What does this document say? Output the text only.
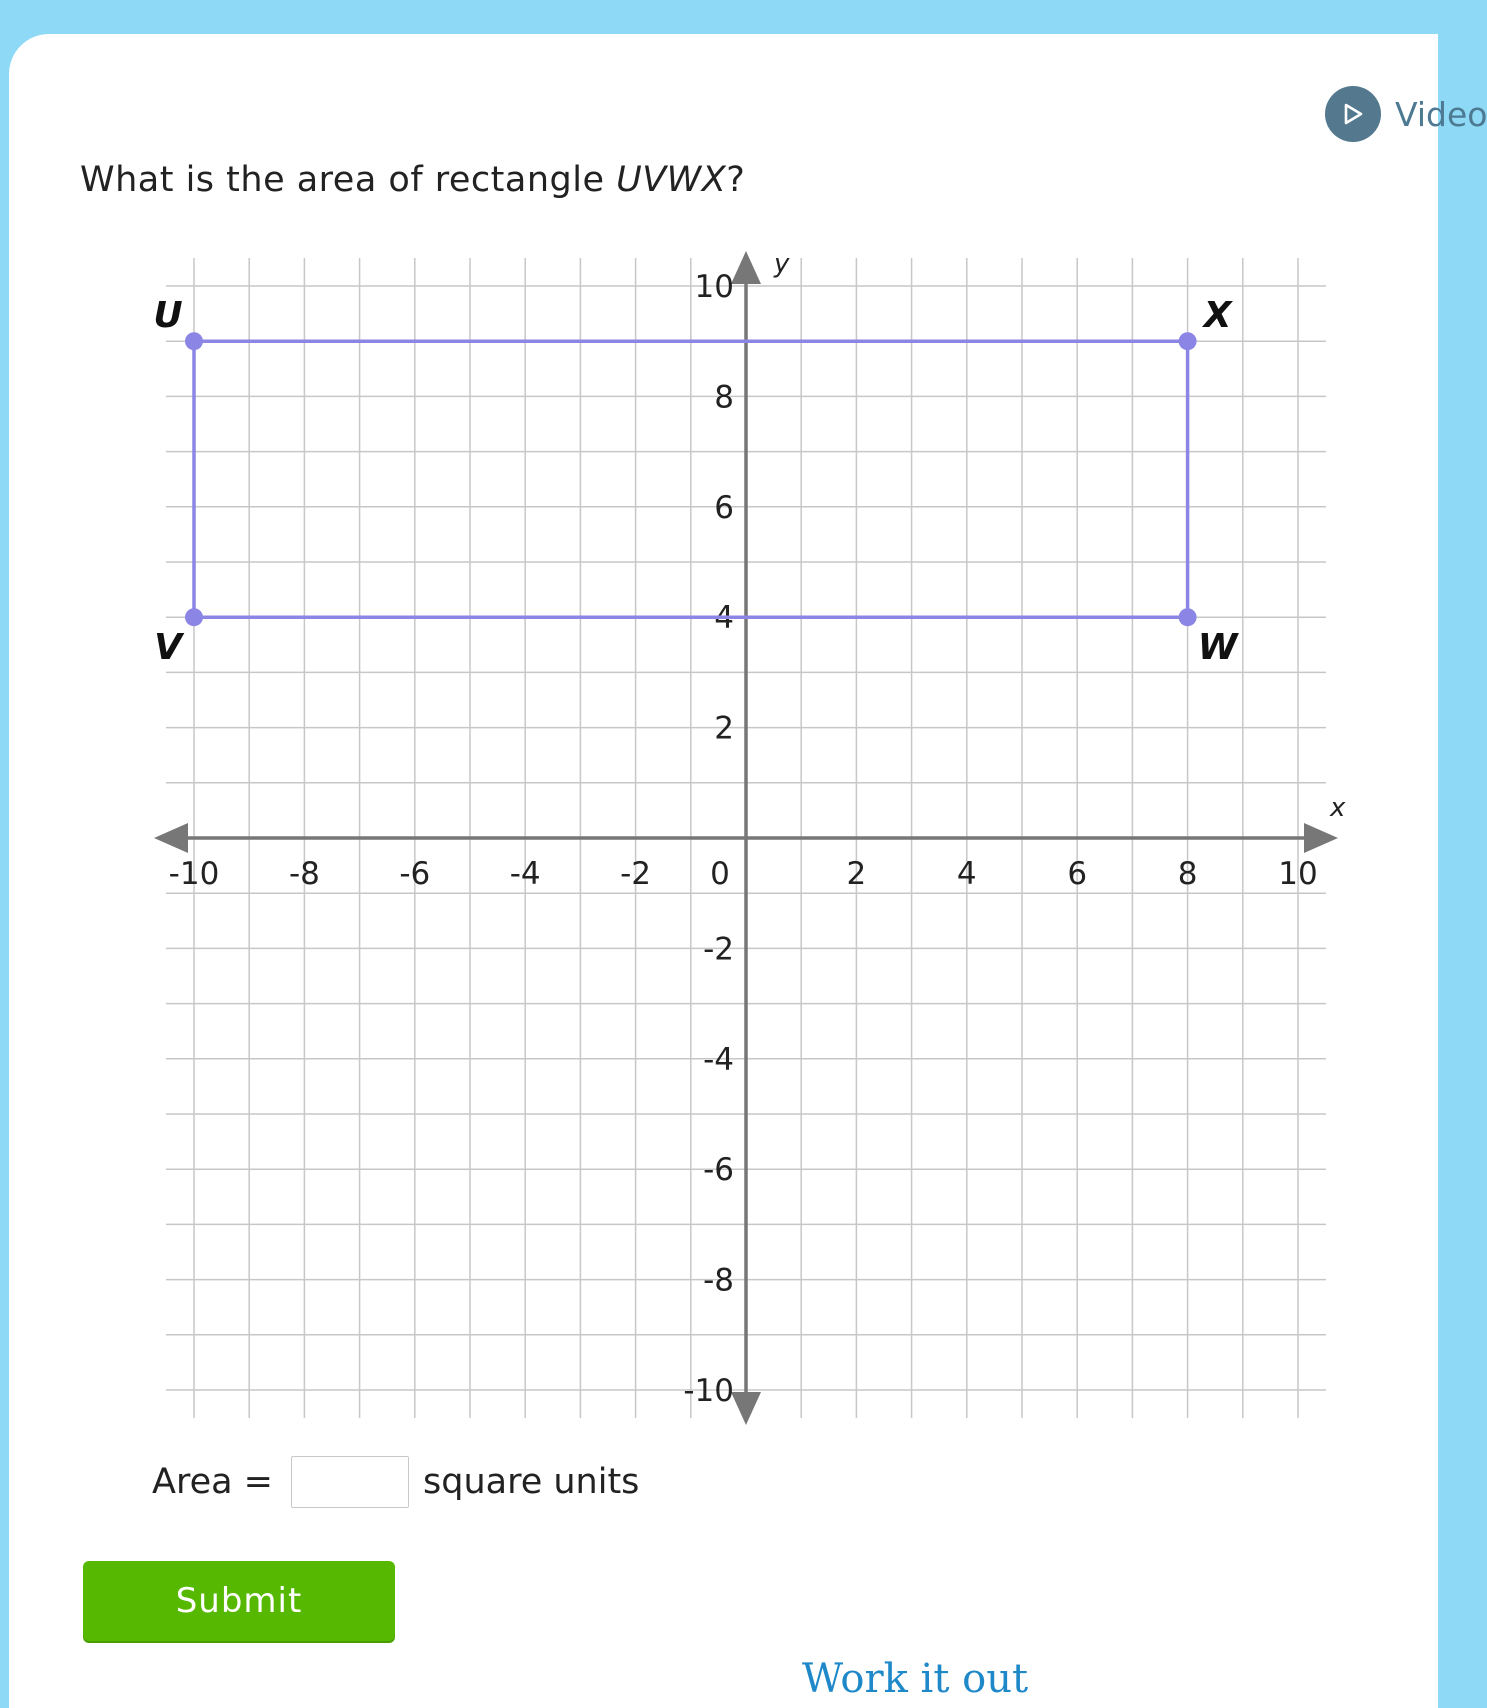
Video
What is the area of rectangle UVWX?
x
y
-10 -8	-6	-4	-2 0	2	4	6	8	10
10
8
6
4
2
-2
-4
-6
-8
-10
U
V	W
X
Area =	square units
Submit
Work it out
